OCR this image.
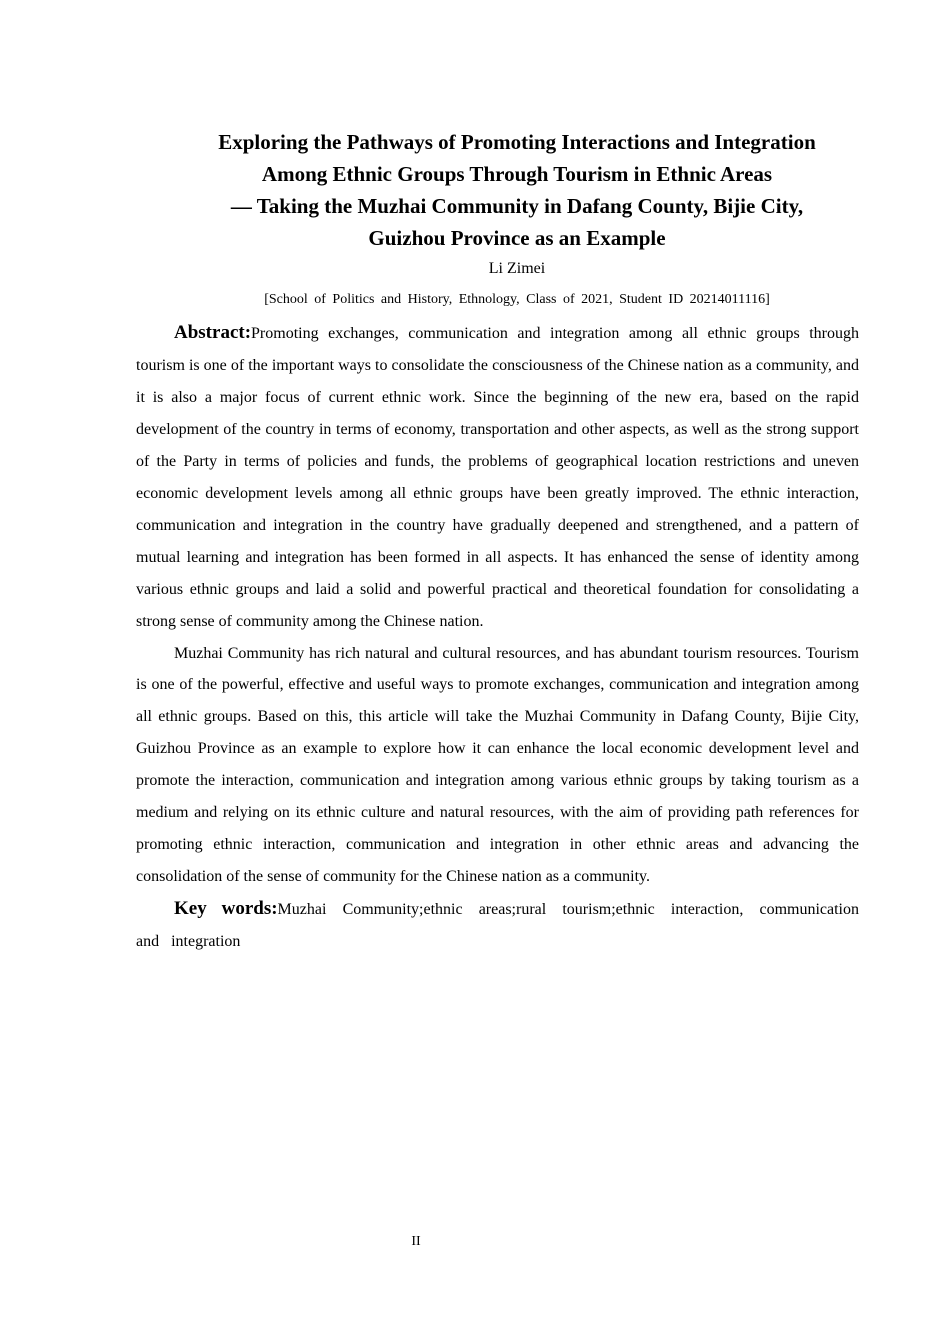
Exploring the Pathways of Promoting Interactions and Integration
Among Ethnic Groups Through Tourism in Ethnic Areas
— Taking the Muzhai Community in Dafang County, Bijie City,
Guizhou Province as an Example
Li Zimei
[School of Politics and History, Ethnology, Class of 2021, Student ID 20214011116]

Abstract:Promoting exchanges, communication and integration among all ethnic groups through tourism is one of the important ways to consolidate the consciousness of the Chinese nation as a community, and it is also a major focus of current ethnic work. Since the beginning of the new era, based on the rapid development of the country in terms of economy, transportation and other aspects, as well as the strong support of the Party in terms of policies and funds, the problems of geographical location restrictions and uneven economic development levels among all ethnic groups have been greatly improved. The ethnic interaction, communication and integration in the country have gradually deepened and strengthened, and a pattern of mutual learning and integration has been formed in all aspects. It has enhanced the sense of identity among various ethnic groups and laid a solid and powerful practical and theoretical foundation for consolidating a strong sense of community among the Chinese nation.

Muzhai Community has rich natural and cultural resources, and has abundant tourism resources. Tourism is one of the powerful, effective and useful ways to promote exchanges, communication and integration among all ethnic groups. Based on this, this article will take the Muzhai Community in Dafang County, Bijie City, Guizhou Province as an example to explore how it can enhance the local economic development level and promote the interaction, communication and integration among various ethnic groups by taking tourism as a medium and relying on its ethnic culture and natural resources, with the aim of providing path references for promoting ethnic interaction, communication and integration in other ethnic areas and advancing the consolidation of the sense of community for the Chinese nation as a community.

Key words:Muzhai Community;ethnic areas;rural tourism;ethnic interaction, communication and integration

II
